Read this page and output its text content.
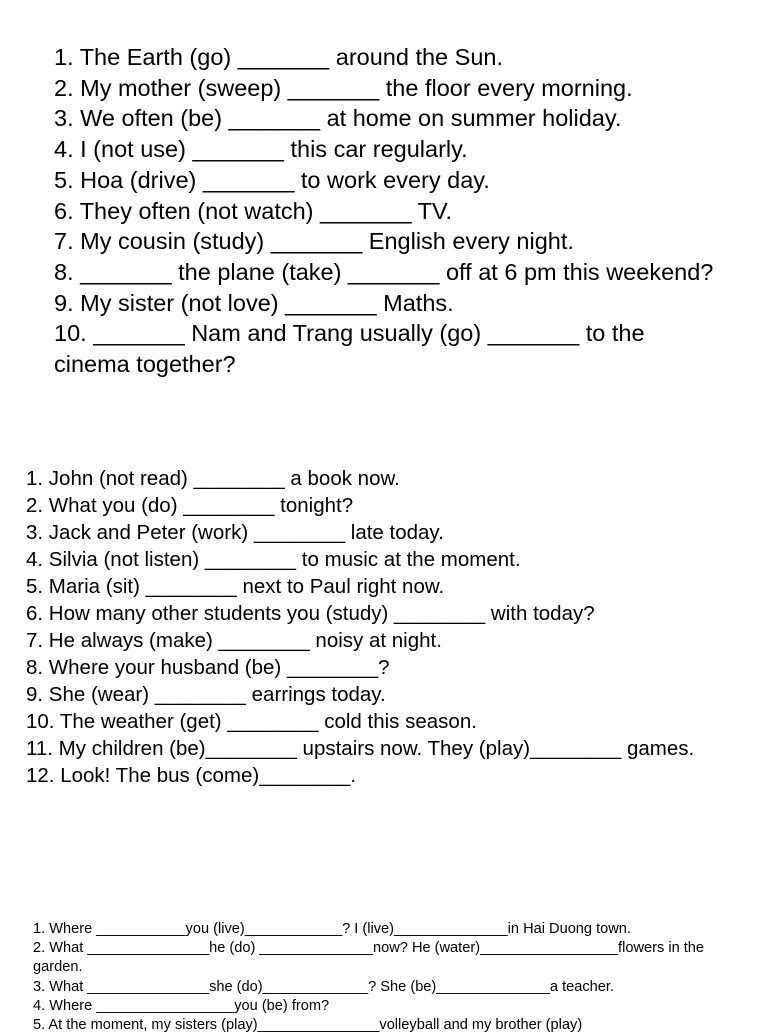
1. The Earth (go) _______ around the Sun.
2. My mother (sweep) _______ the floor every morning.
3. We often (be) _______ at home on summer holiday.
4. I (not use) _______ this car regularly.
5. Hoa (drive) _______ to work every day.
6. They often (not watch) _______ TV.
7. My cousin (study) _______ English every night.
8. _______ the plane (take) _______ off at 6 pm this weekend?
9. My sister (not love) _______ Maths.
10. _______ Nam and Trang usually (go) _______ to the cinema together?
1. John (not read) ________ a book now.
2. What you (do) ________ tonight?
3. Jack and Peter (work) ________ late today.
4. Silvia (not listen) ________ to music at the moment.
5. Maria (sit) ________ next to Paul right now.
6. How many other students you (study) ________ with today?
7. He always (make) ________ noisy at night.
8. Where your husband (be) ________?
9. She (wear) ________ earrings today.
10. The weather (get) ________ cold this season.
11. My children (be)________ upstairs now. They (play)________ games.
12. Look! The bus (come)________.
1. Where ___________you (live)____________? I (live)______________in Hai Duong town.
2. What _______________he (do) ______________now? He (water)_________________flowers in the garden.
3. What _______________she (do)_____________? She (be)______________a teacher.
4. Where _________________you (be) from?
5. At the moment, my sisters (play)_______________volleyball and my brother (play)
